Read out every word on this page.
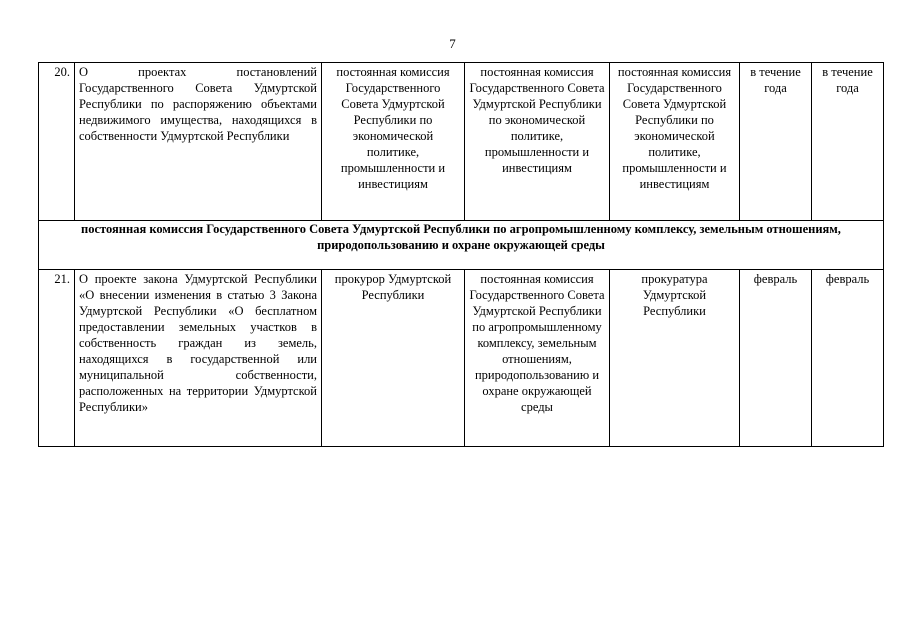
7
20.	О проектах постановлений Государственного Совета Удмуртской Республики по распоряжению объектами недвижимого имущества, находящихся в собственности Удмуртской Республики	постоянная комиссия Государственного Совета Удмуртской Республики по экономической политике, промышленности и инвестициям	постоянная комиссия Государственного Совета Удмуртской Республики по экономической политике, промышленности и инвестициям	постоянная комиссия Государственного Совета Удмуртской Республики по экономической политике, промышленности и инвестициям	в течение года	в течение года
постоянная комиссия Государственного Совета Удмуртской Республики по агропромышленному комплексу, земельным отношениям, природопользованию и охране окружающей среды						
21.	О проекте закона Удмуртской Республики «О внесении изменения в статью 3 Закона Удмуртской Республики «О бесплатном предоставлении земельных участков в собственность граждан из земель, находящихся в государственной или муниципальной собственности, расположенных на территории Удмуртской Республики»	прокурор Удмуртской Республики	постоянная комиссия Государственного Совета Удмуртской Республики по агропромышленному комплексу, земельным отношениям, природопользованию и охране окружающей среды	прокуратура Удмуртской Республики	февраль	февраль
